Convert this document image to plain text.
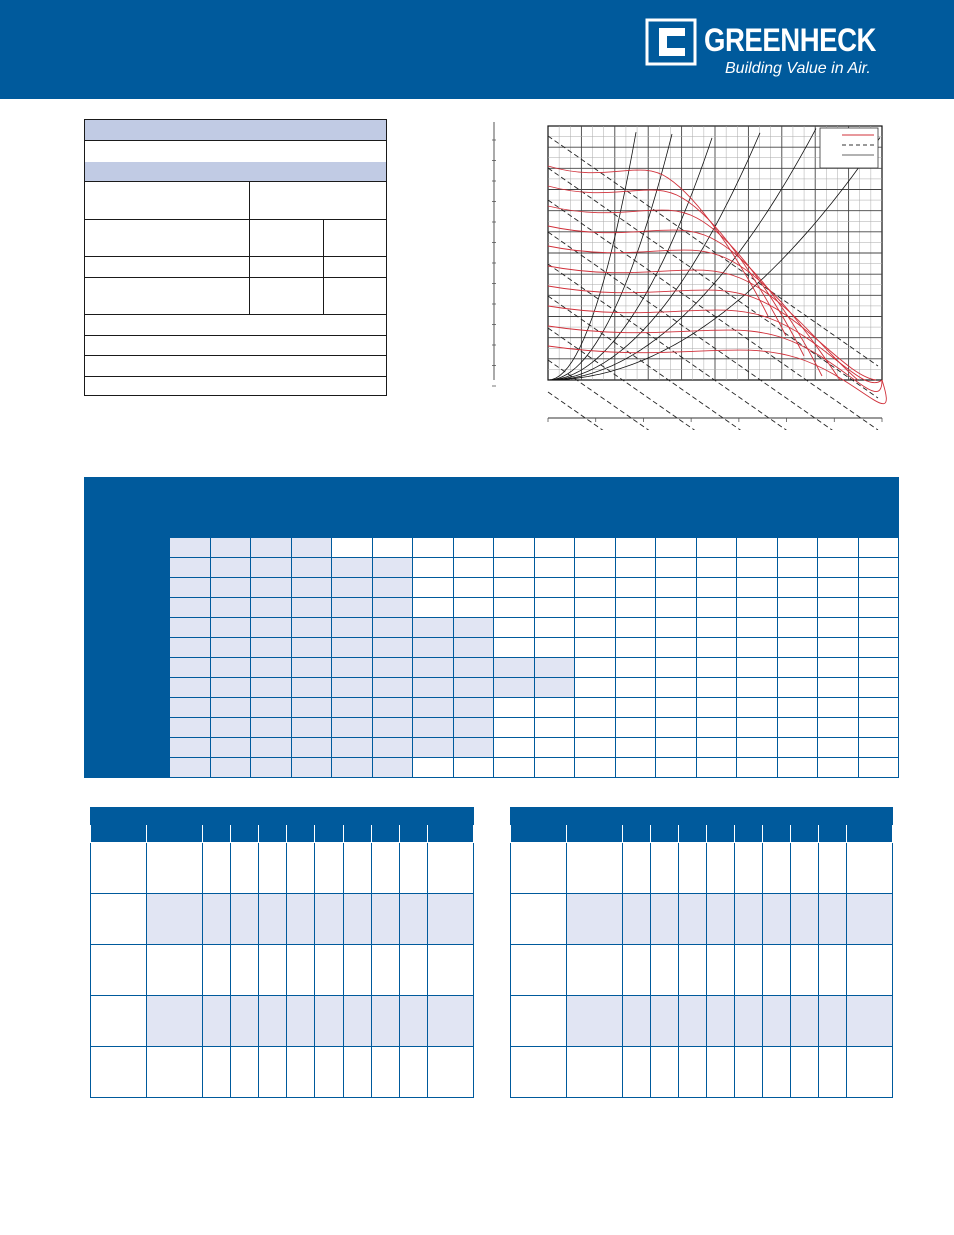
GREENHECK
Building Value in Air.
